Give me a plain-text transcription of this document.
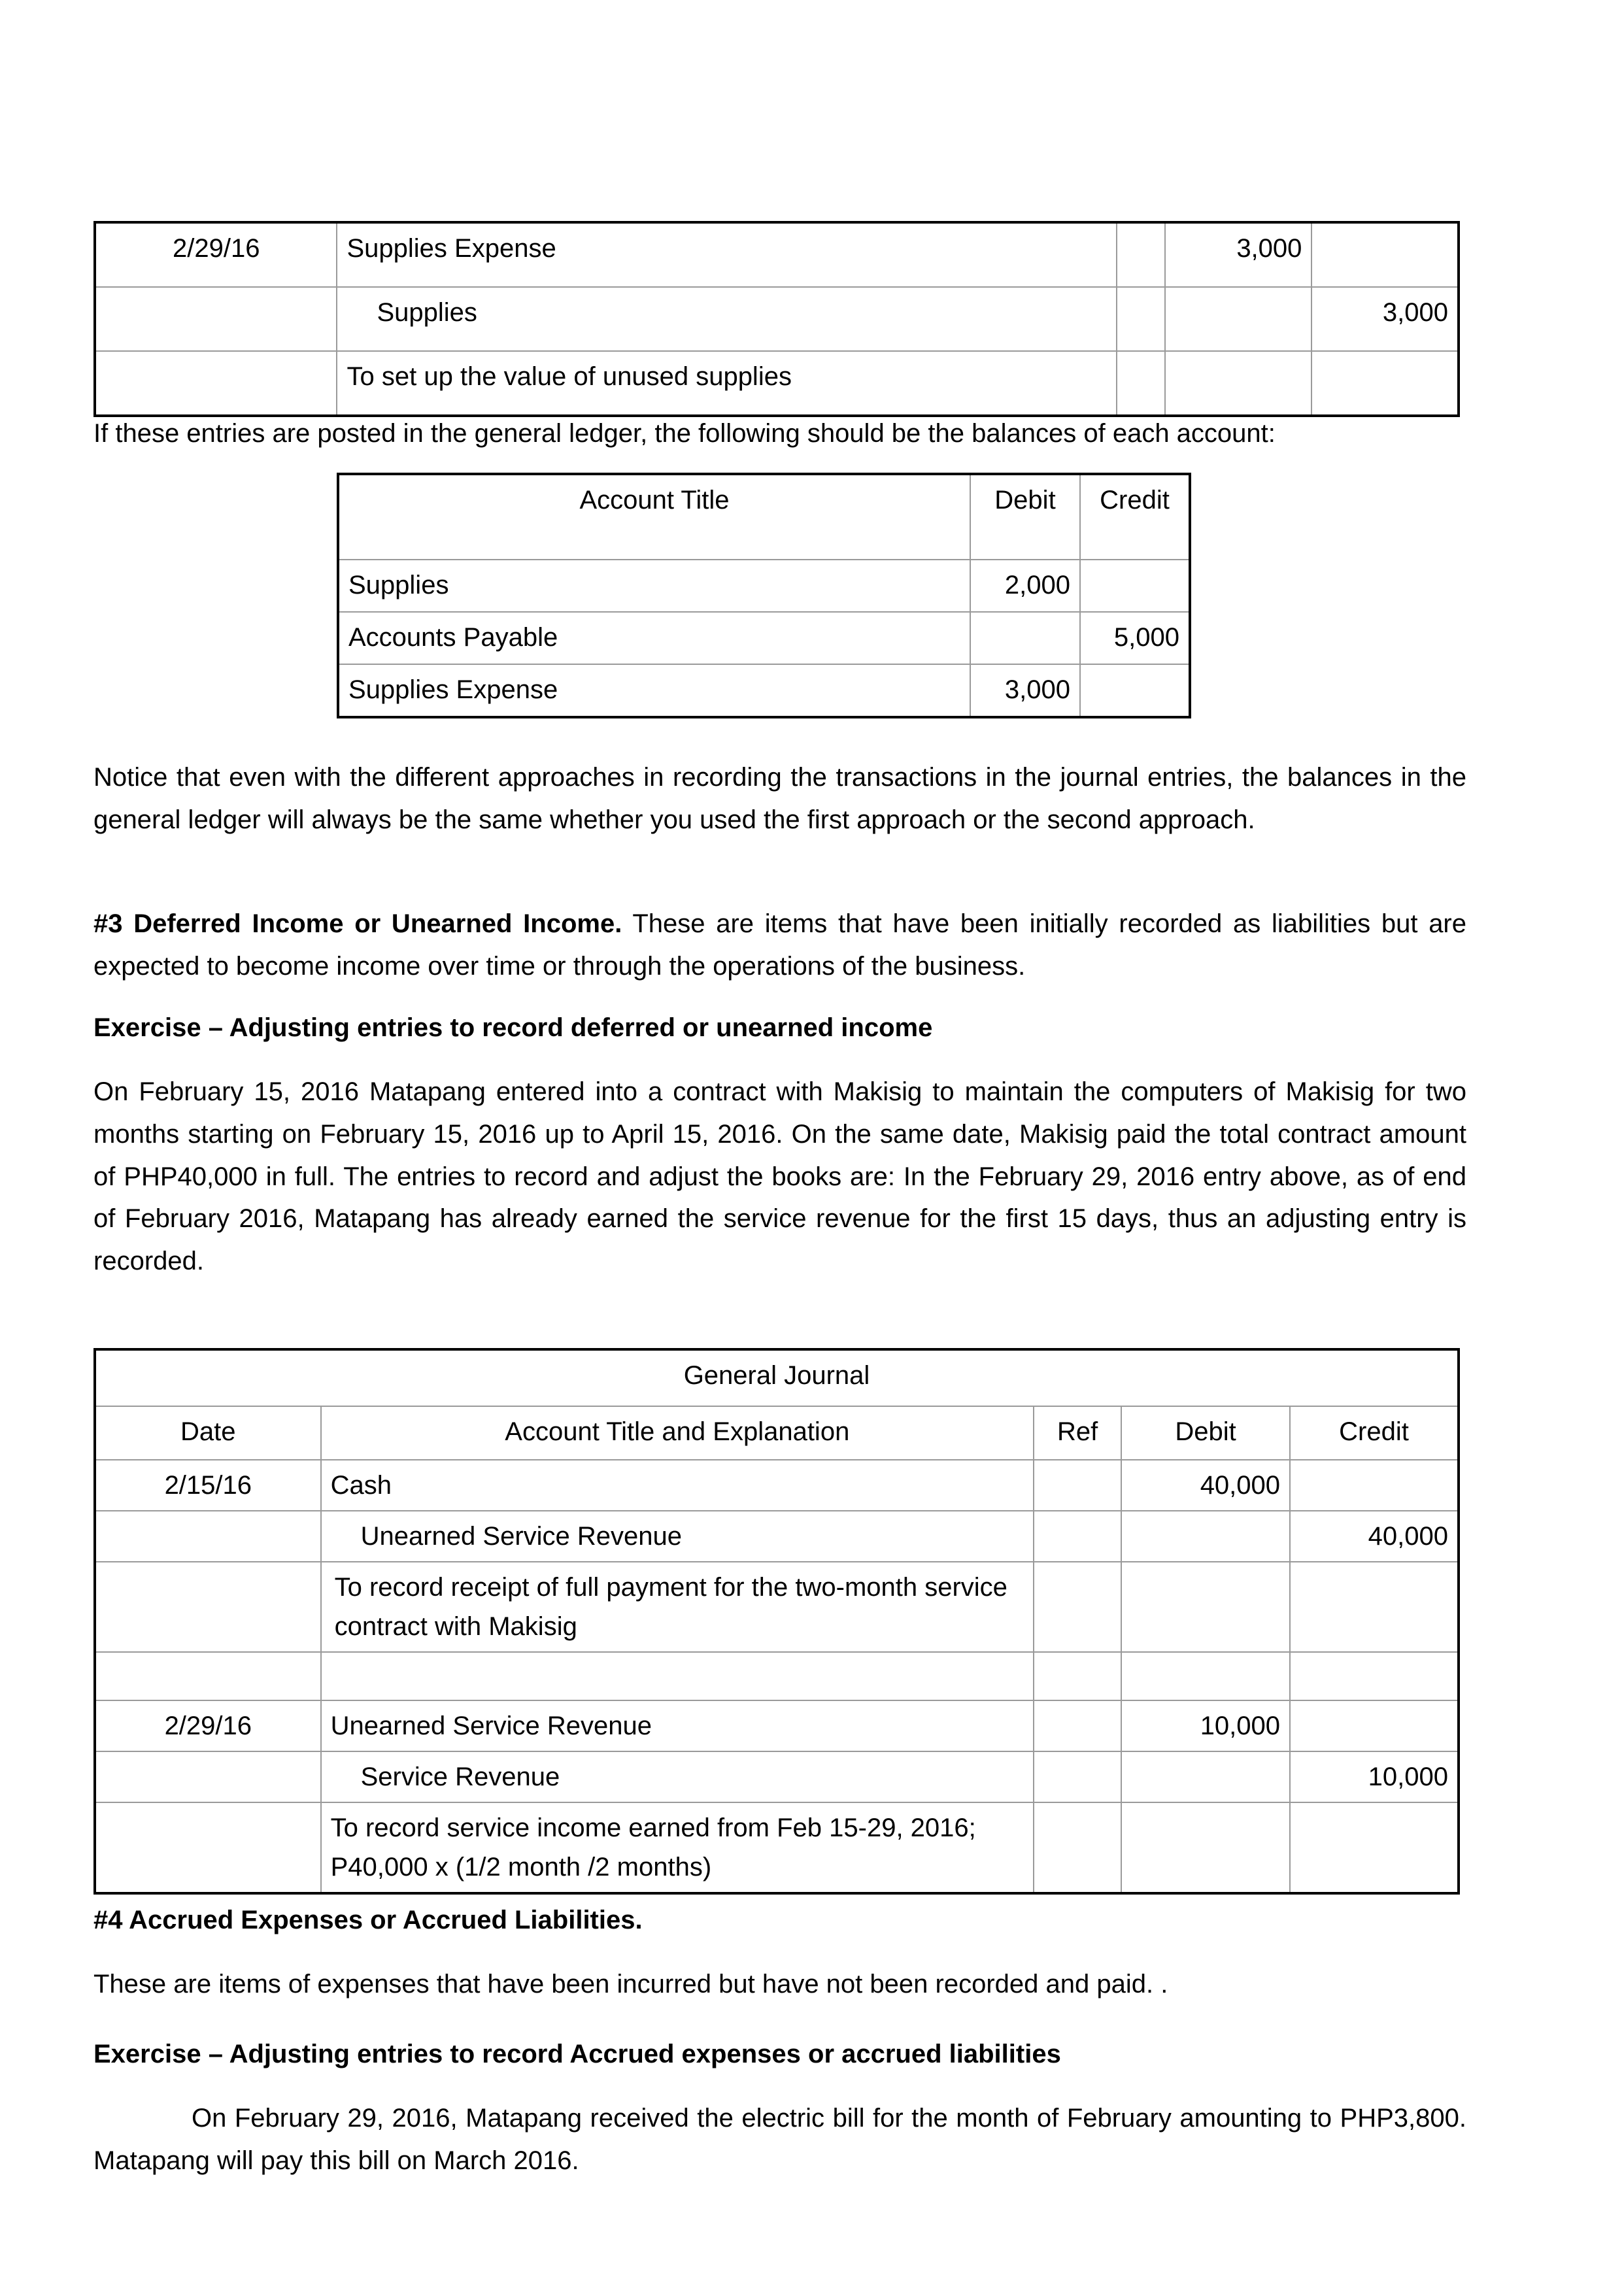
2/29/16	Supplies Expense		3,000	
	Supplies			3,000
	To set up the value of unused supplies			
If these entries are posted in the general ledger, the following should be the balances of each account:
Account Title	Debit	Credit
Supplies	2,000	
Accounts Payable		5,000
Supplies Expense	3,000	
Notice that even with the different approaches in recording the transactions in the journal entries, the balances in the general ledger will always be the same whether you used the first approach or the second approach.
#3 Deferred Income or Unearned Income. These are items that have been initially recorded as liabilities but are expected to become income over time or through the operations of the business.
Exercise – Adjusting entries to record deferred or unearned income
On February 15, 2016 Matapang entered into a contract with Makisig to maintain the computers of Makisig for two months starting on February 15, 2016 up to April 15, 2016. On the same date, Makisig paid the total contract amount of PHP40,000 in full. The entries to record and adjust the books are: In the February 29, 2016 entry above, as of end of February 2016, Matapang has already earned the service revenue for the first 15 days, thus an adjusting entry is recorded.
General Journal				
Date	Account Title and Explanation	Ref	Debit	Credit
2/15/16	Cash		40,000	
	Unearned Service Revenue			40,000
	To record receipt of full payment for the two-month service contract with Makisig			

2/29/16	Unearned Service Revenue		10,000	
	Service Revenue			10,000
	To record service income earned from Feb 15-29, 2016; P40,000 x (1/2 month /2 months)			
#4 Accrued Expenses or Accrued Liabilities.
These are items of expenses that have been incurred but have not been recorded and paid. .
Exercise – Adjusting entries to record Accrued expenses or accrued liabilities
On February 29, 2016, Matapang received the electric bill for the month of February amounting to PHP3,800. Matapang will pay this bill on March 2016.
